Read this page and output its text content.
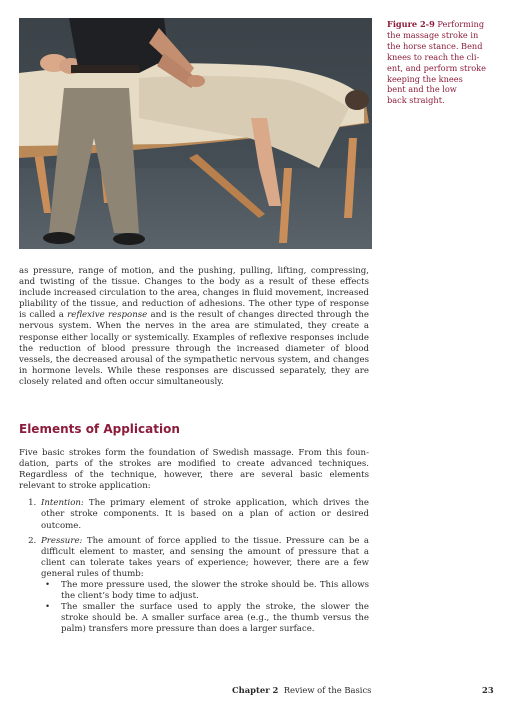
Figure 2-9 Performing
the massage stroke in
the horse stance. Bend
knees to reach the cli-
ent, and perform stroke
keeping the knees
bent and the low
back straight.

as pressure, range of motion, and the pushing, pulling, lifting, compressing, and twisting of the tissue. Changes to the body as a result of these effects include increased circulation to the area, changes in fluid movement, increased pliability of the tissue, and reduction of adhesions. The other type of response is called a reflexive response and is the result of changes directed through the nervous system. When the nerves in the area are stimulated, they create a response either locally or systemically. Examples of reflexive responses include the reduction of blood pressure through the increased diameter of blood vessels, the decreased arousal of the sympathetic nervous system, and changes in hormone levels. While these responses are discussed separately, they are closely related and often occur simultaneously.

Elements of Application

Five basic strokes form the foundation of Swedish massage. From this foundation, parts of the strokes are modified to create advanced techniques. Regardless of the technique, however, there are several basic elements relevant to stroke application:

1. Intention: The primary element of stroke application, which drives the other stroke components. It is based on a plan of action or desired outcome.
2. Pressure: The amount of force applied to the tissue. Pressure can be a difficult element to master, and sensing the amount of pressure that a client can tolerate takes years of experience; however, there are a few general rules of thumb:
• The more pressure used, the slower the stroke should be. This allows the client’s body time to adjust.
• The smaller the surface used to apply the stroke, the slower the stroke should be. A smaller surface area (e.g., the thumb versus the palm) transfers more pressure than does a larger surface.
Chapter 2 Review of the Basics	23
